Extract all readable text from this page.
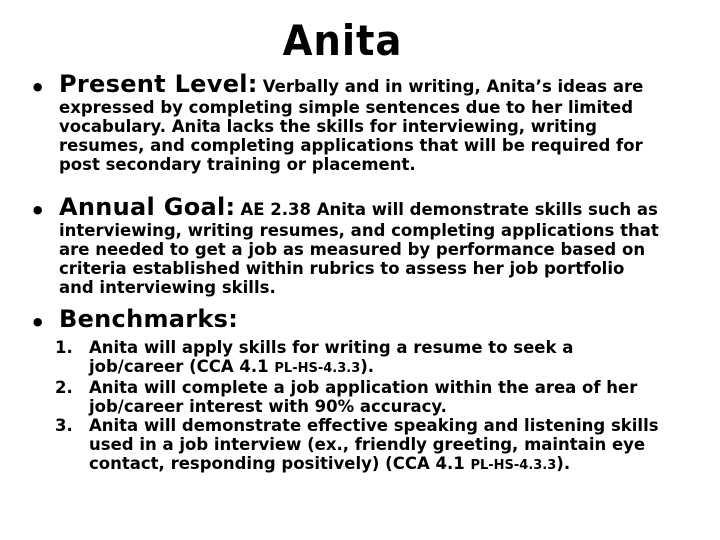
Anita
• Present Level: Verbally and in writing, Anita’s ideas are
expressed by completing simple sentences due to her limited
vocabulary. Anita lacks the skills for interviewing, writing
resumes, and completing applications that will be required for
post secondary training or placement.
• Annual Goal: AE 2.38 Anita will demonstrate skills such as
interviewing, writing resumes, and completing applications that
are needed to get a job as measured by performance based on
criteria established within rubrics to assess her job portfolio
and interviewing skills.
• Benchmarks:
1. Anita will apply skills for writing a resume to seek a
job/career (CCA 4.1 PL-HS-4.3.3).
2. Anita will complete a job application within the area of her
job/career interest with 90% accuracy.
3. Anita will demonstrate effective speaking and listening skills
used in a job interview (ex., friendly greeting, maintain eye
contact, responding positively) (CCA 4.1 PL-HS-4.3.3).
